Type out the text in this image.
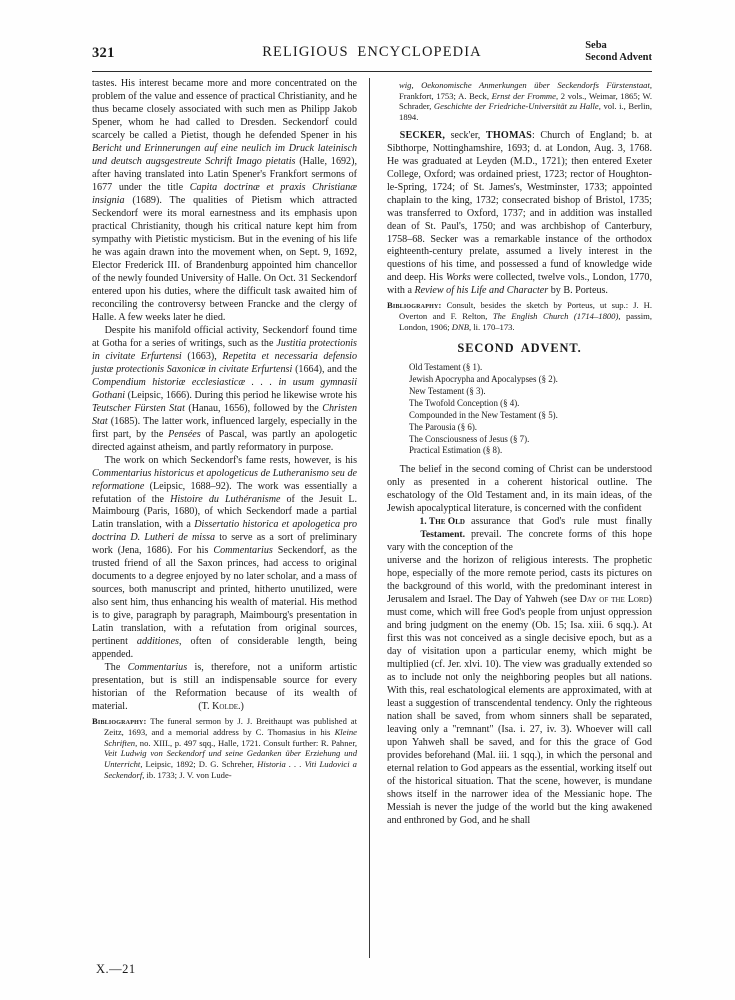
321	RELIGIOUS ENCYCLOPEDIA	Seba
Second Advent

tastes. His interest became more and more concentrated on the problem of the value and essence of practical Christianity, and he thus became closely associated with such men as Philipp Jakob Spener, whom he had called to Dresden. Seckendorf could scarcely be called a Pietist, though he defended Spener in his Bericht und Erinnerungen auf eine neulich im Druck lateinisch und deutsch augsgestreute Schrift Imago pietatis (Halle, 1692), after having translated into Latin Spener's Frankfort sermons of 1677 under the title Capita doctrinæ et praxis Christianæ insignia (1689). The qualities of Pietism which attracted Seckendorf were its moral earnestness and its emphasis upon practical Christianity, though his critical nature kept him from sympathy with Pietistic mysticism. But in the evening of his life he was again drawn into the movement when, on Sept. 9, 1692, Elector Frederick III. of Brandenburg appointed him chancellor of the newly founded University of Halle. On Oct. 31 Seckendorf entered upon his duties, where the difficult task awaited him of reconciling the controversy between Francke and the clergy of Halle. A few weeks later he died.

Despite his manifold official activity, Seckendorf found time at Gotha for a series of writings, such as the Justitia protectionis in civitate Erfurtensi (1663), Repetita et necessaria defensio justæ protectionis Saxonicæ in civitate Erfurtensi (1664), and the Compendium historiæ ecclesiasticæ . . . in usum gymnasii Gothani (Leipsic, 1666). During this period he likewise wrote his Teutscher Fürsten Stat (Hanau, 1656), followed by the Christen Stat (1685). The latter work, influenced largely, especially in the first part, by the Pensées of Pascal, was partly an apologetic directed against atheism, and partly reformatory in purpose.

The work on which Seckendorf's fame rests, however, is his Commentarius historicus et apologeticus de Lutheranismo seu de reformatione (Leipsic, 1688–92). The work was essentially a refutation of the Histoire du Luthéranisme of the Jesuit L. Maimbourg (Paris, 1680), of which Seckendorf made a partial Latin translation, with a Dissertatio historica et apologetica pro doctrina D. Lutheri de missa to serve as a sort of preliminary work (Jena, 1686). For his Commentarius Seckendorf, as the trusted friend of all the Saxon princes, had access to original documents to a degree enjoyed by no later scholar, and a mass of sources, both manuscript and printed, hitherto unutilized, were also sent him, thus enhancing his wealth of material. His method is to give, paragraph by paragraph, Maimbourg's presentation in Latin translation, with a refutation from original sources, pertinent additiones, often of considerable length, being appended.

The Commentarius is, therefore, not a uniform artistic presentation, but is still an indispensable source for every historian of the Reformation because of its wealth of material.	(T. Kolde.)

Bibliography: The funeral sermon by J. J. Breithaupt was published at Zeitz, 1693, and a memorial address by C. Thomasius in his Kleine Schriften, no. XIII., p. 497 sqq., Halle, 1721. Consult further: R. Pahner, Veit Ludwig von Seckendorf und seine Gedanken über Erziehung und Unterricht, Leipsic, 1892; D. G. Schreher, Historia . . . Viti Ludovici a Seckendorf, ib. 1733; J. V. von Lude-

wig, Oekonomische Anmerkungen über Seckendorfs Fürstenstaat, Frankfort, 1753; A. Beck, Ernst der Fromme, 2 vols., Weimar, 1865; W. Schrader, Geschichte der Friedriche-Universität zu Halle, vol. i., Berlin, 1894.

SECKER, seck'er, THOMAS: Church of England; b. at Sibthorpe, Nottinghamshire, 1693; d. at London, Aug. 3, 1768. He was graduated at Leyden (M.D., 1721); then entered Exeter College, Oxford; was ordained priest, 1723; rector of Houghton-le-Spring, 1724; of St. James's, Westminster, 1733; appointed chaplain to the king, 1732; consecrated bishop of Bristol, 1735; was transferred to Oxford, 1737; and in addition was installed dean of St. Paul's, 1750; and was archbishop of Canterbury, 1758–68. Secker was a remarkable instance of the orthodox eighteenth-century prelate, assumed a lively interest in the questions of his time, and possessed a fund of knowledge wide and deep. His Works were collected, twelve vols., London, 1770, with a Review of his Life and Character by B. Porteus.

Bibliography: Consult, besides the sketch by Porteus, ut sup.: J. H. Overton and F. Relton, The English Church (1714–1800), passim, London, 1906; DNB, li. 170–173.

SECOND ADVENT.
Old Testament (§ 1).
Jewish Apocrypha and Apocalypses (§ 2).
New Testament (§ 3).
The Twofold Conception (§ 4).
Compounded in the New Testament (§ 5).
The Parousia (§ 6).
The Consciousness of Jesus (§ 7).
Practical Estimation (§ 8).

The belief in the second coming of Christ can be understood only as presented in a coherent historical outline. The eschatology of the Old Testament and, in its main ideas, of the Jewish apocalyptical literature, is concerned with the confident

1. The Old
Testament.
assurance that God's rule must finally prevail. The concrete forms of this hope vary with the conception of the

universe and the horizon of religious interests. The prophetic hope, especially of the more remote period, casts its pictures on the background of this world, with the predominant interest in Jerusalem and Israel. The Day of Yahweh (see Day of the Lord) must come, which will free God's people from unjust oppression and bring judgment on the enemy (Ob. 15; Isa. xiii. 6 sqq.). At first this was not conceived as a single decisive epoch, but as a day of visitation upon a particular enemy, which might be multiplied (cf. Jer. xlvi. 10). The view was gradually extended so as to include not only the neighboring peoples but all nations. With this, real eschatological elements are approximated, with at least a suggestion of transcendental tendency. Only the righteous nation shall be saved, from whom sinners shall be separated, leaving only a "remnant" (Isa. i. 27, iv. 3). Whoever will call upon Yahweh shall be saved, and for this the grace of God provides beforehand (Mal. iii. 1 sqq.), in which the personal and eternal relation to God appears as the essential, working itself out of the historical situation. That the scene, however, is mundane shows itself in the narrower idea of the Messianic hope. The Messiah is never the judge of the world but the king awakened and enthroned by God, and he shall

X.—21
